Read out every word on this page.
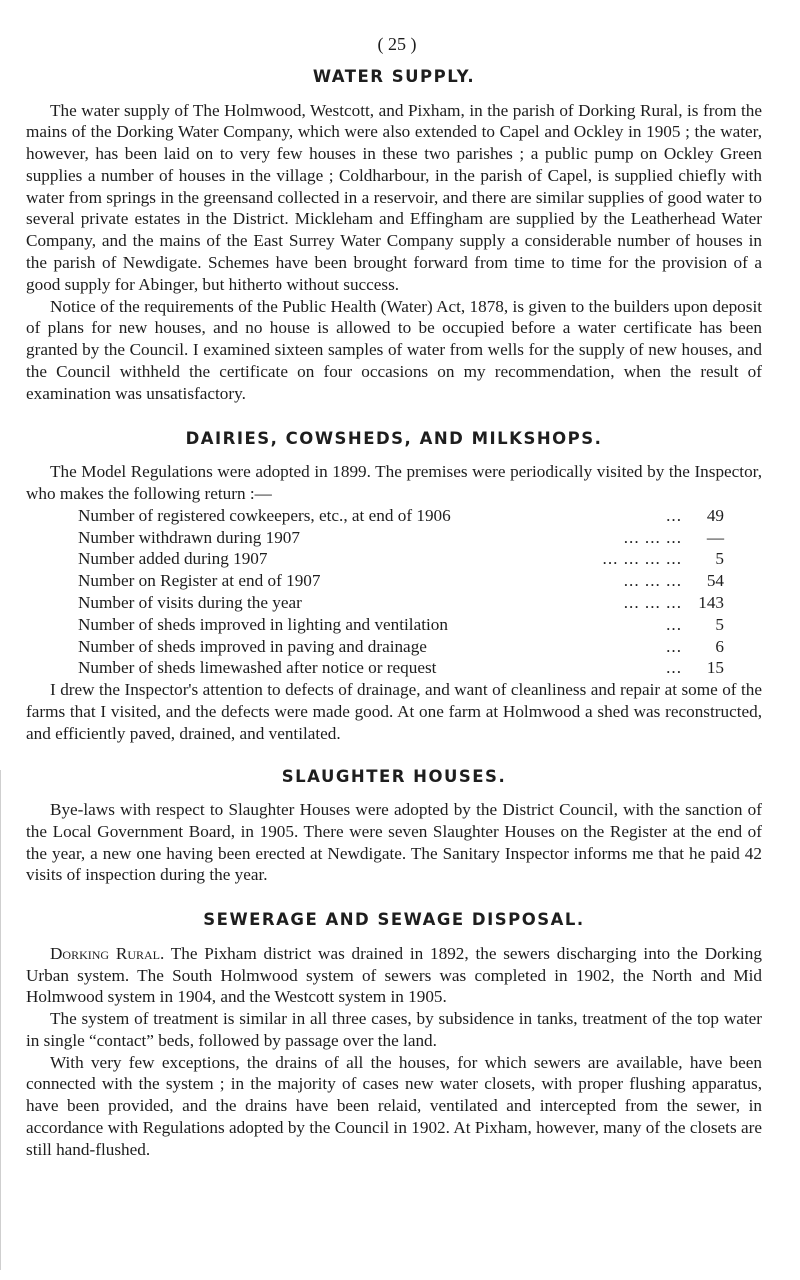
( 25 )
WATER SUPPLY.

The water supply of The Holmwood, Westcott, and Pixham, in the parish of Dorking Rural, is from the mains of the Dorking Water Company, which were also extended to Capel and Ockley in 1905 ; the water, however, has been laid on to very few houses in these two parishes ; a public pump on Ockley Green supplies a number of houses in the village ; Coldharbour, in the parish of Capel, is supplied chiefly with water from springs in the greensand collected in a reservoir, and there are similar supplies of good water to several private estates in the District. Mickleham and Effingham are supplied by the Leatherhead Water Company, and the mains of the East Surrey Water Company supply a considerable number of houses in the parish of Newdigate. Schemes have been brought forward from time to time for the provision of a good supply for Abinger, but hitherto without success.

Notice of the requirements of the Public Health (Water) Act, 1878, is given to the builders upon deposit of plans for new houses, and no house is allowed to be occupied before a water certificate has been granted by the Council. I examined sixteen samples of water from wells for the supply of new houses, and the Council withheld the certificate on four occasions on my recommendation, when the result of examination was unsatisfactory.

DAIRIES, COWSHEDS, AND MILKSHOPS.

The Model Regulations were adopted in 1899. The premises were periodically visited by the Inspector, who makes the following return :—

Number of registered cowkeepers, etc., at end of 1906	...	49
Number withdrawn during 1907	... ... ...	—
Number added during 1907	... ... ... ...	5
Number on Register at end of 1907	... ... ...	54
Number of visits during the year	... ... ... 143
Number of sheds improved in lighting and ventilation	...	5
Number of sheds improved in paving and drainage	...	6
Number of sheds limewashed after notice or request	...	15

I drew the Inspector's attention to defects of drainage, and want of cleanliness and repair at some of the farms that I visited, and the defects were made good. At one farm at Holmwood a shed was reconstructed, and efficiently paved, drained, and ventilated.

SLAUGHTER HOUSES.

Bye-laws with respect to Slaughter Houses were adopted by the District Council, with the sanction of the Local Government Board, in 1905. There were seven Slaughter Houses on the Register at the end of the year, a new one having been erected at Newdigate. The Sanitary Inspector informs me that he paid 42 visits of inspection during the year.

SEWERAGE AND SEWAGE DISPOSAL.

Dorking Rural. The Pixham district was drained in 1892, the sewers discharging into the Dorking Urban system. The South Holmwood system of sewers was completed in 1902, the North and Mid Holmwood system in 1904, and the Westcott system in 1905.

The system of treatment is similar in all three cases, by subsidence in tanks, treatment of the top water in single “contact” beds, followed by passage over the land.

With very few exceptions, the drains of all the houses, for which sewers are available, have been connected with the system ; in the majority of cases new water closets, with proper flushing apparatus, have been provided, and the drains have been relaid, ventilated and intercepted from the sewer, in accordance with Regulations adopted by the Council in 1902. At Pixham, however, many of the closets are still hand-flushed.
